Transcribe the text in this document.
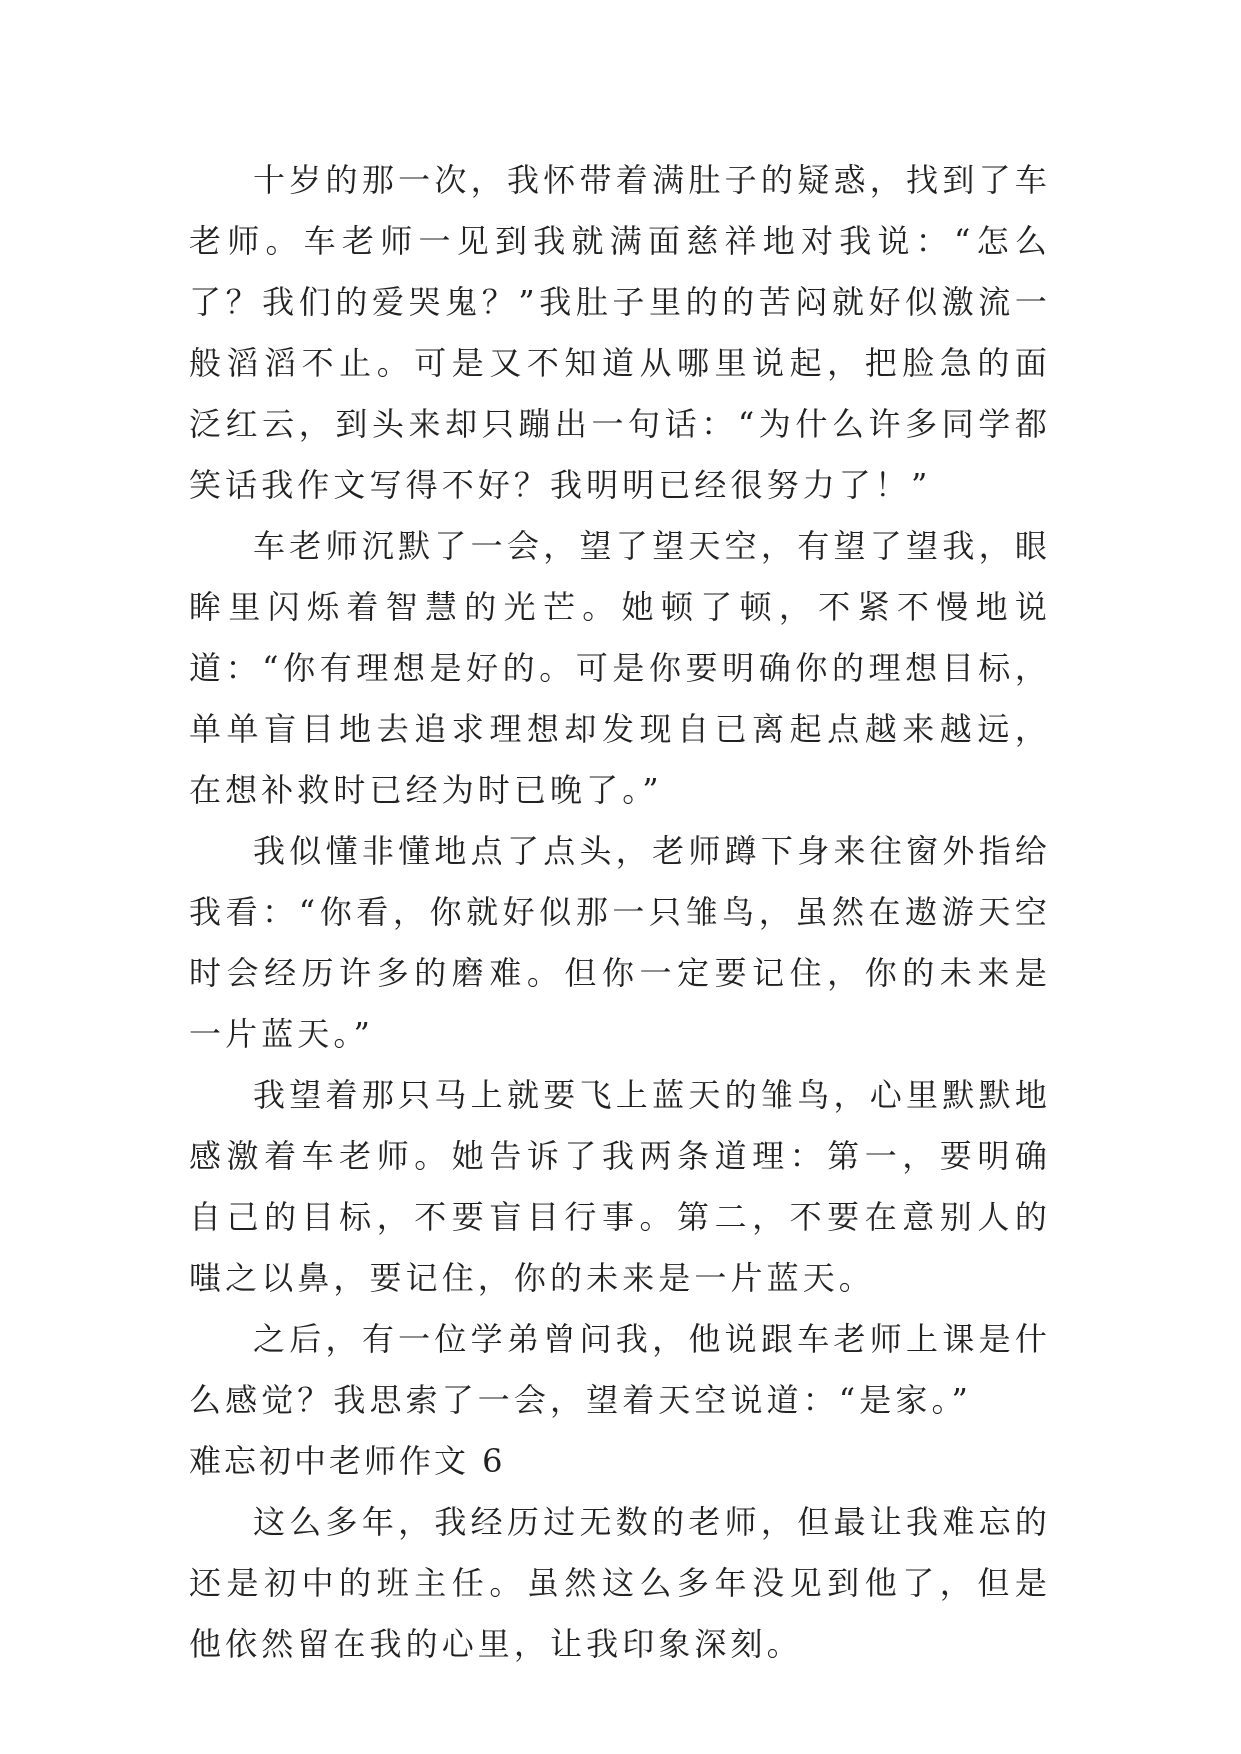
十岁的那一次，我怀带着满肚子的疑惑，找到了车老师。车老师一见到我就满面慈祥地对我说：“怎么了？我们的爱哭鬼？”我肚子里的的苦闷就好似激流一般滔滔不止。可是又不知道从哪里说起，把脸急的面泛红云，到头来却只蹦出一句话：“为什么许多同学都笑话我作文写得不好？我明明已经很努力了！”

车老师沉默了一会，望了望天空，有望了望我，眼眸里闪烁着智慧的光芒。她顿了顿，不紧不慢地说道：“你有理想是好的。可是你要明确你的理想目标，单单盲目地去追求理想却发现自已离起点越来越远，在想补救时已经为时已晚了。”

我似懂非懂地点了点头，老师蹲下身来往窗外指给我看：“你看，你就好似那一只雏鸟，虽然在遨游天空时会经历许多的磨难。但你一定要记住，你的未来是一片蓝天。”

我望着那只马上就要飞上蓝天的雏鸟，心里默默地感激着车老师。她告诉了我两条道理：第一，要明确自己的目标，不要盲目行事。第二，不要在意别人的嗤之以鼻，要记住，你的未来是一片蓝天。

之后，有一位学弟曾问我，他说跟车老师上课是什么感觉？我思索了一会，望着天空说道：“是家。”

难忘初中老师作文 6

这么多年，我经历过无数的老师，但最让我难忘的还是初中的班主任。虽然这么多年没见到他了，但是他依然留在我的心里，让我印象深刻。
